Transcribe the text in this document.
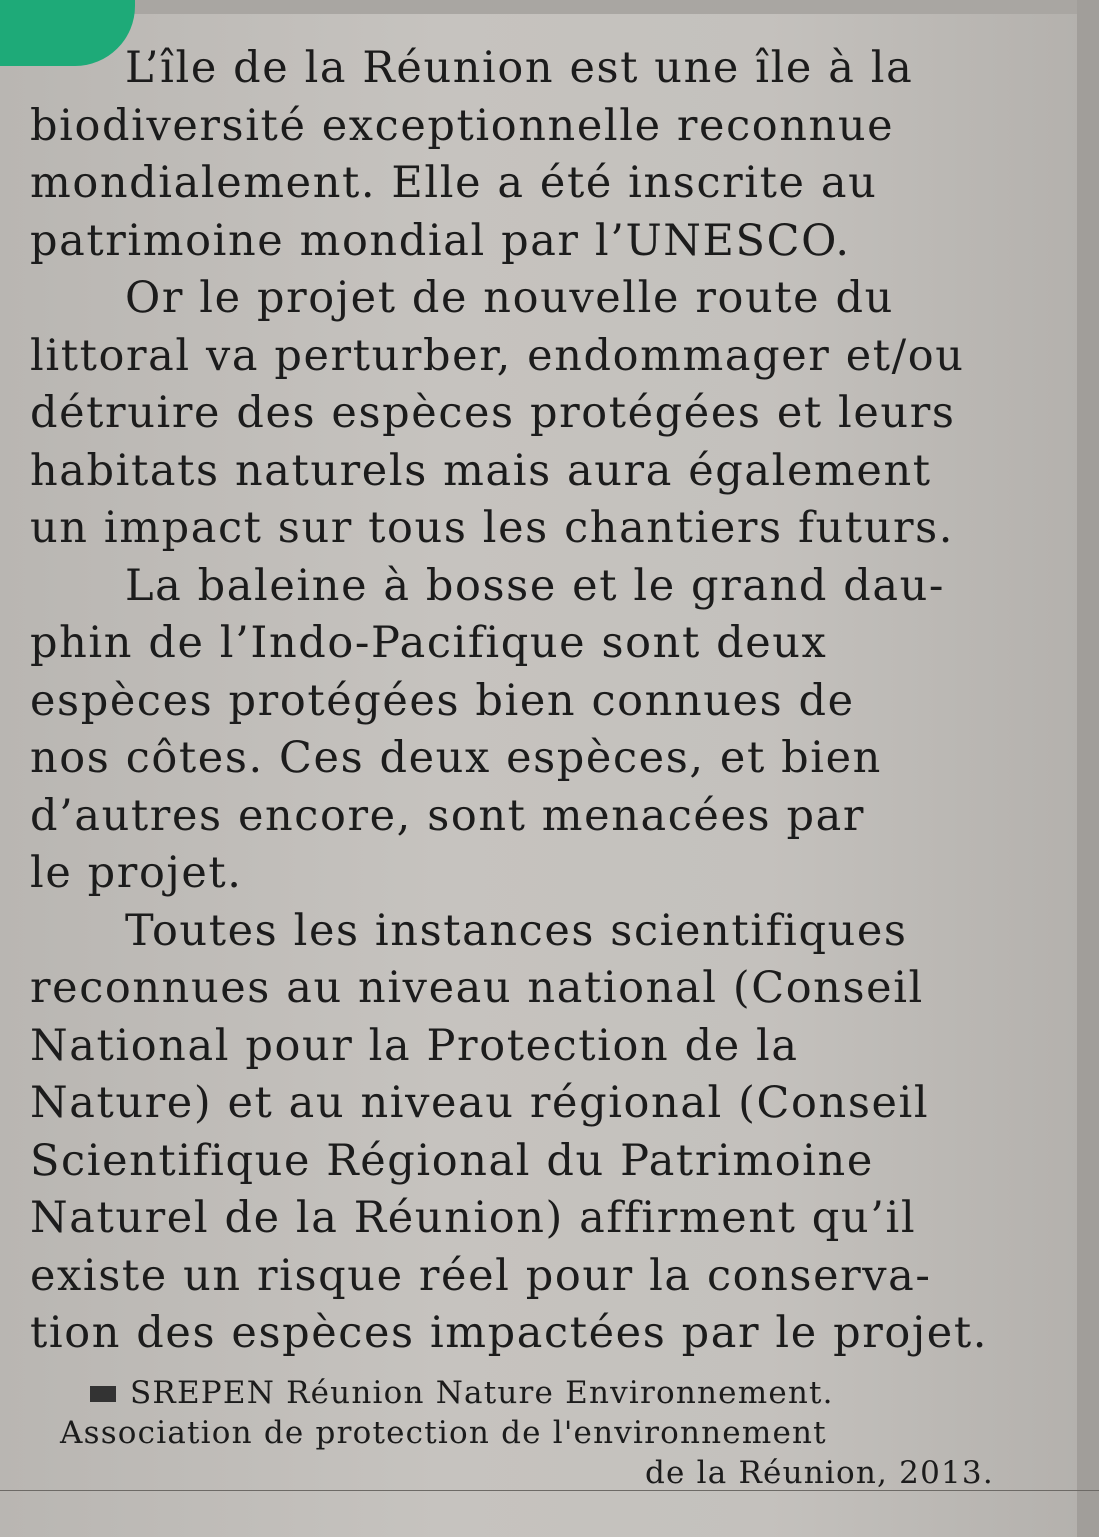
L’île de la Réunion est une île à la
biodiversité exceptionnelle reconnue
mondialement. Elle a été inscrite au
patrimoine mondial par l’UNESCO.
Or le projet de nouvelle route du
littoral va perturber, endommager et/ou
détruire des espèces protégées et leurs
habitats naturels mais aura également
un impact sur tous les chantiers futurs.
La baleine à bosse et le grand dau-
phin de l’Indo-Pacifique sont deux
espèces protégées bien connues de
nos côtes. Ces deux espèces, et bien
d’autres encore, sont menacées par
le projet.
Toutes les instances scientifiques
reconnues au niveau national (Conseil
National pour la Protection de la
Nature) et au niveau régional (Conseil
Scientifique Régional du Patrimoine
Naturel de la Réunion) affirment qu’il
existe un risque réel pour la conserva-
tion des espèces impactées par le projet.
SREPEN Réunion Nature Environnement.
Association de protection de l'environnement
de la Réunion, 2013.
